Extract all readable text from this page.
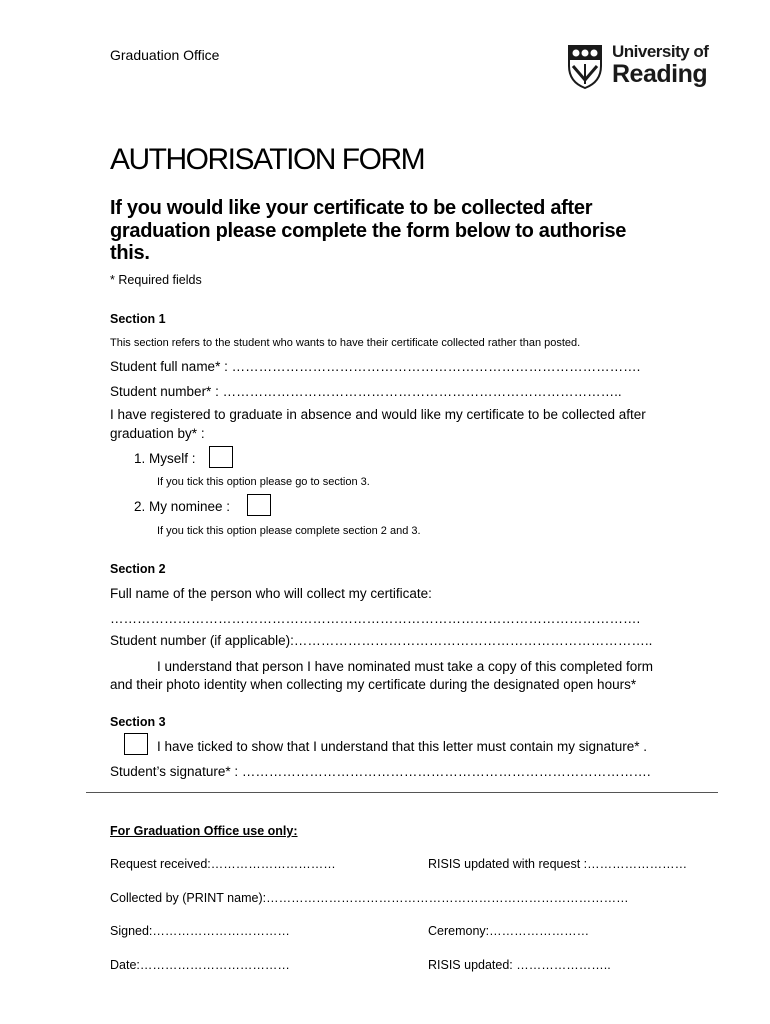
Graduation Office	University of
Reading
AUTHORISATION FORM
If you would like your certificate to be collected after
graduation please complete the form below to authorise
this.
* Required fields
Section 1
This section refers to the student who wants to have their certificate collected rather than posted.
Student full name* : ……………………………………………………………………………….
Student number* : ……………………………………………………………………………..
I have registered to graduate in absence and would like my certificate to be collected after
graduation by* :
1. Myself :
If you tick this option please go to section 3.
2. My nominee :
If you tick this option please complete section 2 and 3.
Section 2
Full name of the person who will collect my certificate:
……………………………………………………………………………………………………….
Student number (if applicable):……………………………………………………………………..
I understand that person I have nominated must take a copy of this completed form
and their photo identity when collecting my certificate during the designated open hours*
Section 3
I have ticked to show that I understand that this letter must contain my signature* .
Student’s signature* : ……………………………………………………………………………….
For Graduation Office use only:
Request received:…………………………	RISIS updated with request :……………………
Collected by (PRINT name):……………………………………………………………………………
Signed:……………………………	Ceremony:……………………
Date:………………………………	RISIS updated: …………………..
